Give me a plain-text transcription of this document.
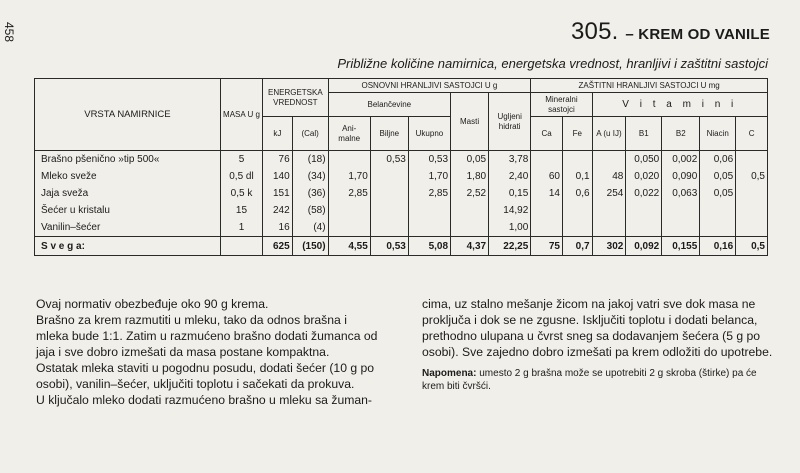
458	305. – KREM OD VANILE
Približne količine namirnica, energetska vrednost, hranljivi i zaštitni sastojci
VRSTA NAMIRNICE	MASA U g	ENERGETSKA VREDNOST		OSNOVNI HRANLJIVI SASTOJCI U g					ZAŠTITNI HRANLJIVI SASTOJCI U mg						
				Belančevine			Masti	Ugljeni hidrati	Mineralni sastojci		V i t a m i n i				
		kJ	(Cal)	Ani- malne	Biljne	Ukupno			Ca	Fe	A (u IJ)	B1	B2	Niacin	C
Brašno pšenično »tip 500«	5	76	(18)		0,53	0,53	0,05	3,78				0,050	0,002	0,06	
Mleko sveže	0,5 dl	140	(34)	1,70		1,70	1,80	2,40	60	0,1	48	0,020	0,090	0,05	0,5
Jaja sveža	0,5 k	151	(36)	2,85		2,85	2,52	0,15	14	0,6	254	0,022	0,063	0,05	
Šećer u kristalu	15	242	(58)					14,92							
Vanilin–šećer	1	16	(4)					1,00							
S v e g a:		625	(150)	4,55	0,53	5,08	4,37	22,25	75	0,7	302	0,092	0,155	0,16	0,5

Ovaj normativ obezbeđuje oko 90 g krema.

Brašno za krem razmutiti u mleku, tako da odnos brašna i mleka bude 1:1. Zatim u razmućeno brašno dodati žumanca od jaja i sve dobro izmešati da masa postane kompaktna.

Ostatak mleka staviti u pogodnu posudu, dodati šećer (10 g po osobi), vanilin–šećer, uključiti toplotu i sačekati da prokuva.

U ključalo mleko dodati razmućeno brašno u mleku sa žuman-

cima, uz stalno mešanje žicom na jakoj vatri sve dok masa ne proključa i dok se ne zgusne. Isključiti toplotu i dodati belanca, prethodno ulupana u čvrst sneg sa dodavanjem šećera (5 g po osobi). Sve zajedno dobro izmešati pa krem odložiti do upotrebe.

Napomena: umesto 2 g brašna može se upotrebiti 2 g skroba (štirke) pa će krem biti čvršći.
